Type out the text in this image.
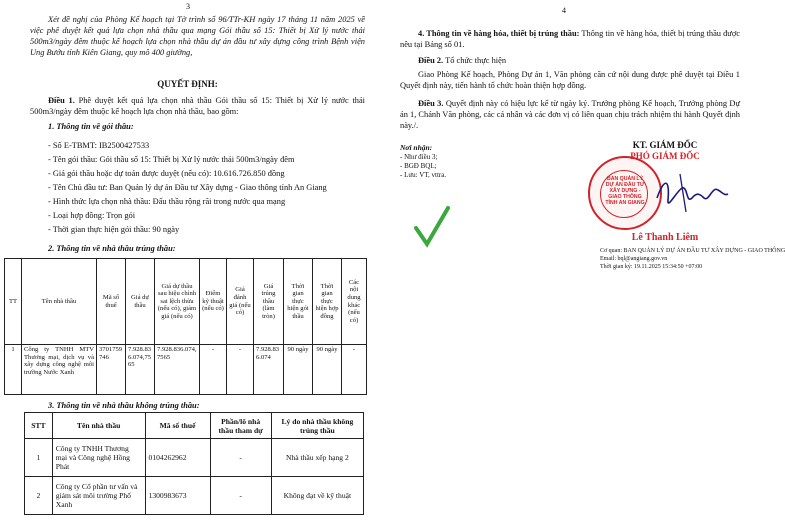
3
Xét đề nghị của Phòng Kế hoạch tại Tờ trình số 96/TTr-KH ngày 17 tháng 11 năm 2025 về việc phê duyệt kết quả lựa chọn nhà thầu qua mạng Gói thầu số 15: Thiết bị Xử lý nước thải 500m3/ngày đêm thuộc kế hoạch lựa chọn nhà thầu dự án đầu tư xây dựng công trình Bệnh viện Ung Bướu tỉnh Kiên Giang, quy mô 400 giường,
QUYẾT ĐỊNH:
Điều 1. Phê duyệt kết quả lựa chọn nhà thầu Gói thầu số 15: Thiết bị Xử lý nước thải 500m3/ngày đêm thuộc kế hoạch lựa chọn nhà thầu, bao gồm:
1. Thông tin về gói thầu:
- Số E-TBMT: IB2500427533
- Tên gói thầu: Gói thầu số 15: Thiết bị Xử lý nước thải 500m3/ngày đêm
- Giá gói thầu hoặc dự toán được duyệt (nếu có): 10.616.726.850 đồng
- Tên Chủ đầu tư: Ban Quản lý dự án Đầu tư Xây dựng - Giao thông tỉnh An Giang
- Hình thức lựa chọn nhà thầu: Đấu thầu rộng rãi trong nước qua mạng
- Loại hợp đồng: Trọn gói
- Thời gian thực hiện gói thầu: 90 ngày
2. Thông tin về nhà thầu trúng thầu:
TT	Tên nhà thầu	Mã số thuế	Giá dự thầu	Giá dự thầu sau hiệu chỉnh sai lệch thừa (nếu có), giảm giá (nếu có)	Điểm kỹ thuật (nếu có)	Giá đánh giá (nếu có)	Giá trúng thầu (làm tròn)	Thời gian thực hiện gói thầu	Thời gian thực hiện hợp đồng	Các nội dung khác (nếu có)
1	Công ty TNHH MTV Thương mại, dịch vụ và xây dựng công nghệ môi trường Nước Xanh	3701759746	7.928.836.074,7565	7.928.836.074,7565	-	-	7.928.836.074	90 ngày	90 ngày	-
3. Thông tin về nhà thầu không trúng thầu:
STT	Tên nhà thầu	Mã số thuế	Phần/lô nhà thầu tham dự	Lý do nhà thầu không trúng thầu
1	Công ty TNHH Thương mại và Công nghệ Hồng Phát	0104262962	-	Nhà thầu xếp hạng 2
2	Công ty Cổ phần tư vấn và giám sát môi trường Phố Xanh	1300983673	-	Không đạt về kỹ thuật
4
4. Thông tin về hàng hóa, thiết bị trúng thầu: Thông tin về hàng hóa, thiết bị trúng thầu được nêu tại Bảng số 01.
Điều 2. Tổ chức thực hiện
Giao Phòng Kế hoạch, Phòng Dự án 1, Văn phòng căn cứ nội dung được phê duyệt tại Điều 1 Quyết định này, tiến hành tổ chức hoàn thiện hợp đồng.
Điều 3. Quyết định này có hiệu lực kể từ ngày ký. Trưởng phòng Kế hoạch, Trưởng phòng Dự án 1, Chánh Văn phòng, các cá nhân và các đơn vị có liên quan chịu trách nhiệm thi hành Quyết định này./.
Nơi nhận:
- Như điều 3;
- BGĐ BQL;
- Lưu: VT, vttra.
KT. GIÁM ĐỐC
PHÓ GIÁM ĐỐC
BAN QUẢN LÝ DỰ ÁN ĐẦU TƯ XÂY DỰNG - GIAO THÔNG TỈNH AN GIANG
Lê Thanh Liêm
Cơ quan: BAN QUẢN LÝ DỰ ÁN ĐẦU TƯ XÂY DỰNG - GIAO THÔNG
Email: bql@angiang.gov.vn
Thời gian ký: 19.11.2025 15:34:50 +07:00
